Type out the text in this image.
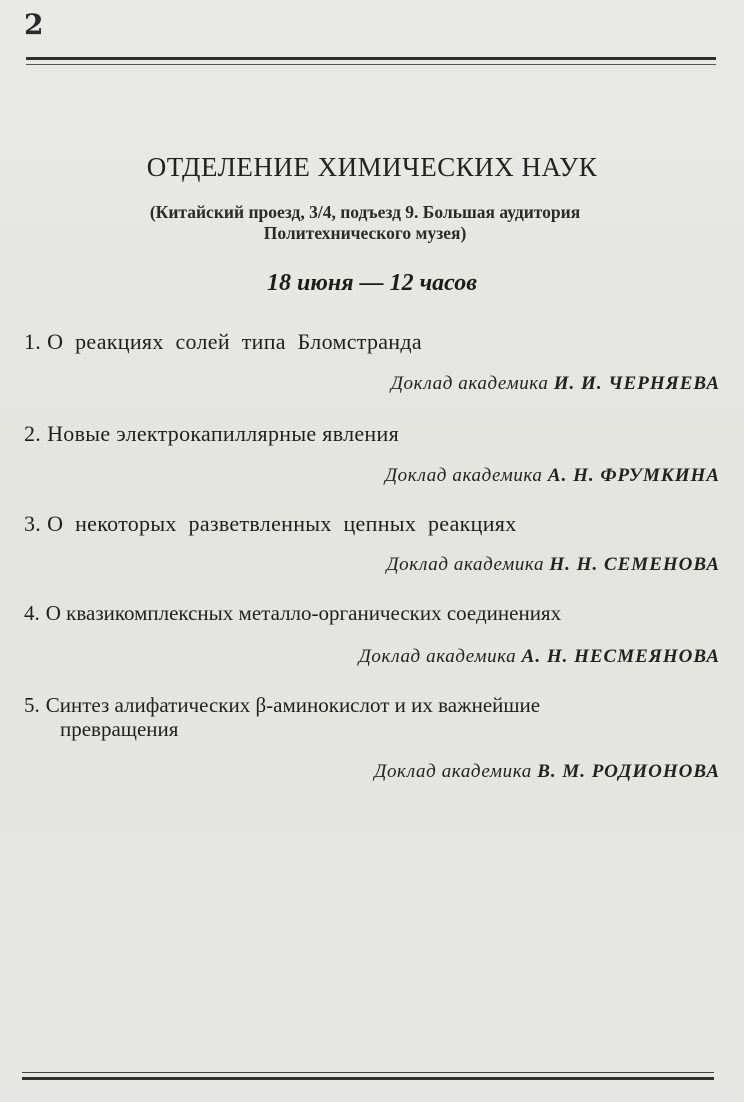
2
ОТДЕЛЕНИЕ ХИМИЧЕСКИХ НАУК
(Китайский проезд, 3/4, подъезд 9. Большая аудитория
Политехнического музея)
18 июня — 12 часов
1. О реакциях солей типа Бломстранда
Доклад академика И. И. ЧЕРНЯЕВА
2. Новые электрокапиллярные явления
Доклад академика А. Н. ФРУМКИНА
3. О некоторых разветвленных цепных реакциях
Доклад академика Н. Н. СЕМЕНОВА
4. О квазикомплексных металло-органических соединениях
Доклад академика А. Н. НЕСМЕЯНОВА
5. Синтез алифатических β-аминокислот и их важнейшие
превращения
Доклад академика В. М. РОДИОНОВА
